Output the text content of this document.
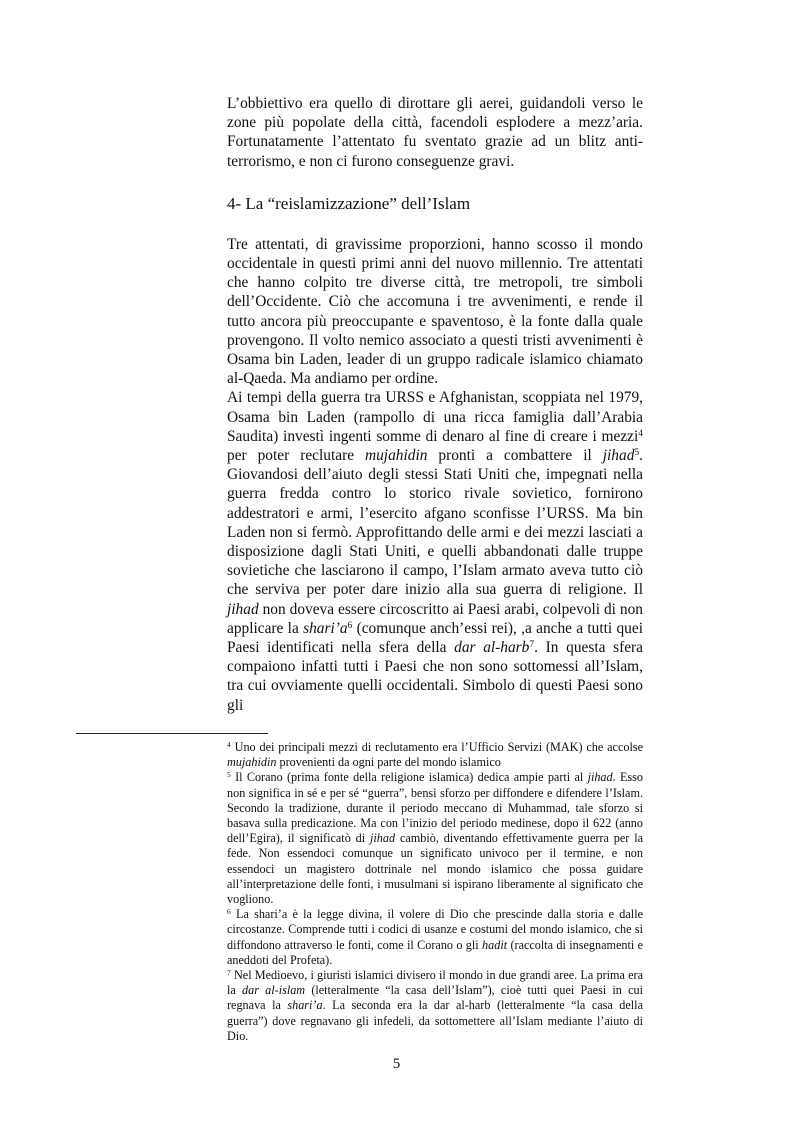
L’obbiettivo era quello di dirottare gli aerei, guidandoli verso le zone più popolate della città, facendoli esplodere a mezz’aria. Fortunatamente l’attentato fu sventato grazie ad un blitz anti-terrorismo, e non ci furono conseguenze gravi.

4- La “reislamizzazione” dell’Islam

Tre attentati, di gravissime proporzioni, hanno scosso il mondo occidentale in questi primi anni del nuovo millennio. Tre attentati che hanno colpito tre diverse città, tre metropoli, tre simboli dell’Occidente. Ciò che accomuna i tre avvenimenti, e rende il tutto ancora più preoccupante e spaventoso, è la fonte dalla quale provengono. Il volto nemico associato a questi tristi avvenimenti è Osama bin Laden, leader di un gruppo radicale islamico chiamato al-Qaeda. Ma andiamo per ordine.

Ai tempi della guerra tra URSS e Afghanistan, scoppiata nel 1979, Osama bin Laden (rampollo di una ricca famiglia dall’Arabia Saudita) investì ingenti somme di denaro al fine di creare i mezzi$^4$ per poter reclutare mujahidin pronti a combattere il jihad$^5$. Giovandosi dell’aiuto degli stessi Stati Uniti che, impegnati nella guerra fredda contro lo storico rivale sovietico, fornirono addestratori e armi, l’esercito afgano sconfisse l’URSS. Ma bin Laden non si fermò. Approfittando delle armi e dei mezzi lasciati a disposizione dagli Stati Uniti, e quelli abbandonati dalle truppe sovietiche che lasciarono il campo, l’Islam armato aveva tutto ciò che serviva per poter dare inizio alla sua guerra di religione. Il jihad non doveva essere circoscritto ai Paesi arabi, colpevoli di non applicare la $shari’a^6$ (comunque anch’essi rei), ,a anche a tutti quei Paesi identificati nella sfera della dar al-harb$^7$. In questa sfera compaiono infatti tutti i Paesi che non sono sottomessi all’Islam, tra cui ovviamente quelli occidentali. Simbolo di questi Paesi sono gli

$^4$ Uno dei principali mezzi di reclutamento era l’Ufficio Servizi (MAK) che accolse mujahidin provenienti da ogni parte del mondo islamico

$^5$ Il Corano (prima fonte della religione islamica) dedica ampie parti al jihad. Esso non significa in sé e per sé “guerra”, bensì sforzo per diffondere e difendere l’Islam. Secondo la tradizione, durante il periodo meccano di Muhammad, tale sforzo si basava sulla predicazione. Ma con l’inizio del periodo medinese, dopo il 622 (anno dell’Egira), il significatò di jihad cambiò, diventando effettivamente guerra per la fede. Non essendoci comunque un significato univoco per il termine, e non essendoci un magistero dottrinale nel mondo islamico che possa guidare all’interpretazione delle fonti, i musulmani si ispirano liberamente al significato che vogliono.

$^6$ La shari’a è la legge divina, il volere di Dio che prescinde dalla storia e dalle circostanze. Comprende tutti i codici di usanze e costumi del mondo islamico, che si diffondono attraverso le fonti, come il Corano o gli hadit (raccolta di insegnamenti e aneddoti del Profeta).

$^7$ Nel Medioevo, i giuristi islamici divisero il mondo in due grandi aree. La prima era la dar al-islam (letteralmente “la casa dell’Islam”), cioè tutti quei Paesi in cui regnava la shari’a. La seconda era la dar al-harb (letteralmente “la casa della guerra”) dove regnavano gli infedeli, da sottomettere all’Islam mediante l’aiuto di Dio.

5
